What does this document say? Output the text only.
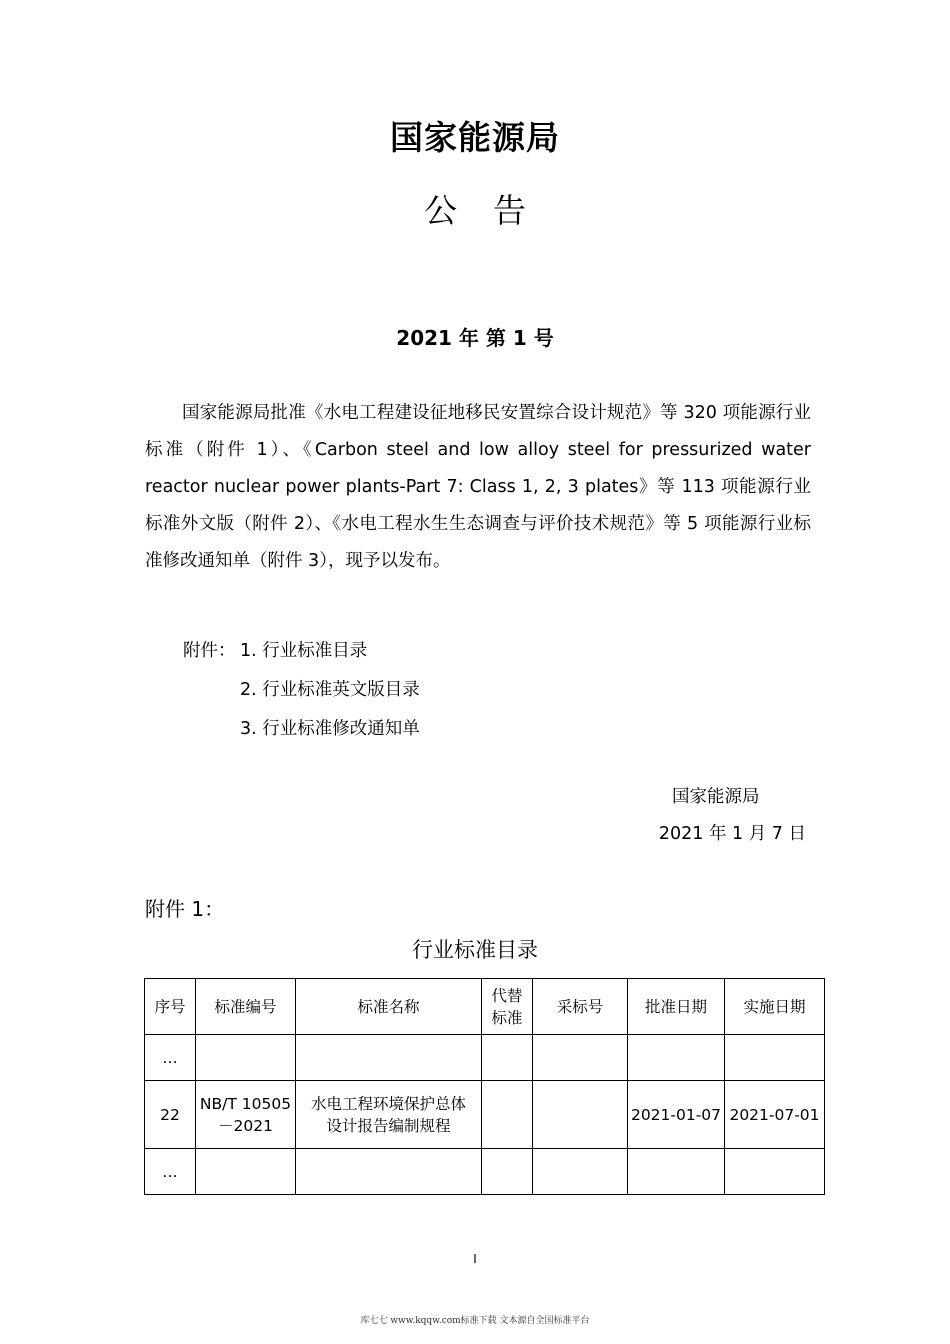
国家能源局
公告
2021 年 第 1 号
国家能源局批准《水电工程建设征地移民安置综合设计规范》等 320 项能源行业标准（附件 1）、《Carbon steel and low alloy steel for pressurized water reactor nuclear power plants-Part 7: Class 1, 2, 3 plates》等 113 项能源行业标准外文版（附件 2）、《水电工程水生生态调查与评价技术规范》等 5 项能源行业标准修改通知单（附件 3），现予以发布。
附件： 1. 行业标准目录
2. 行业标准英文版目录
3. 行业标准修改通知单
国家能源局
2021 年 1 月 7 日
附件 1：
行业标准目录
序号	标准编号	标准名称	代替标准	采标号	批准日期	实施日期
…						
22	NB/T 10505－2021	水电工程环境保护总体设计报告编制规程			2021-01-07	2021-07-01
…						
I
库七七 www.kqqw.com标准下载 文本源自全国标准平台
